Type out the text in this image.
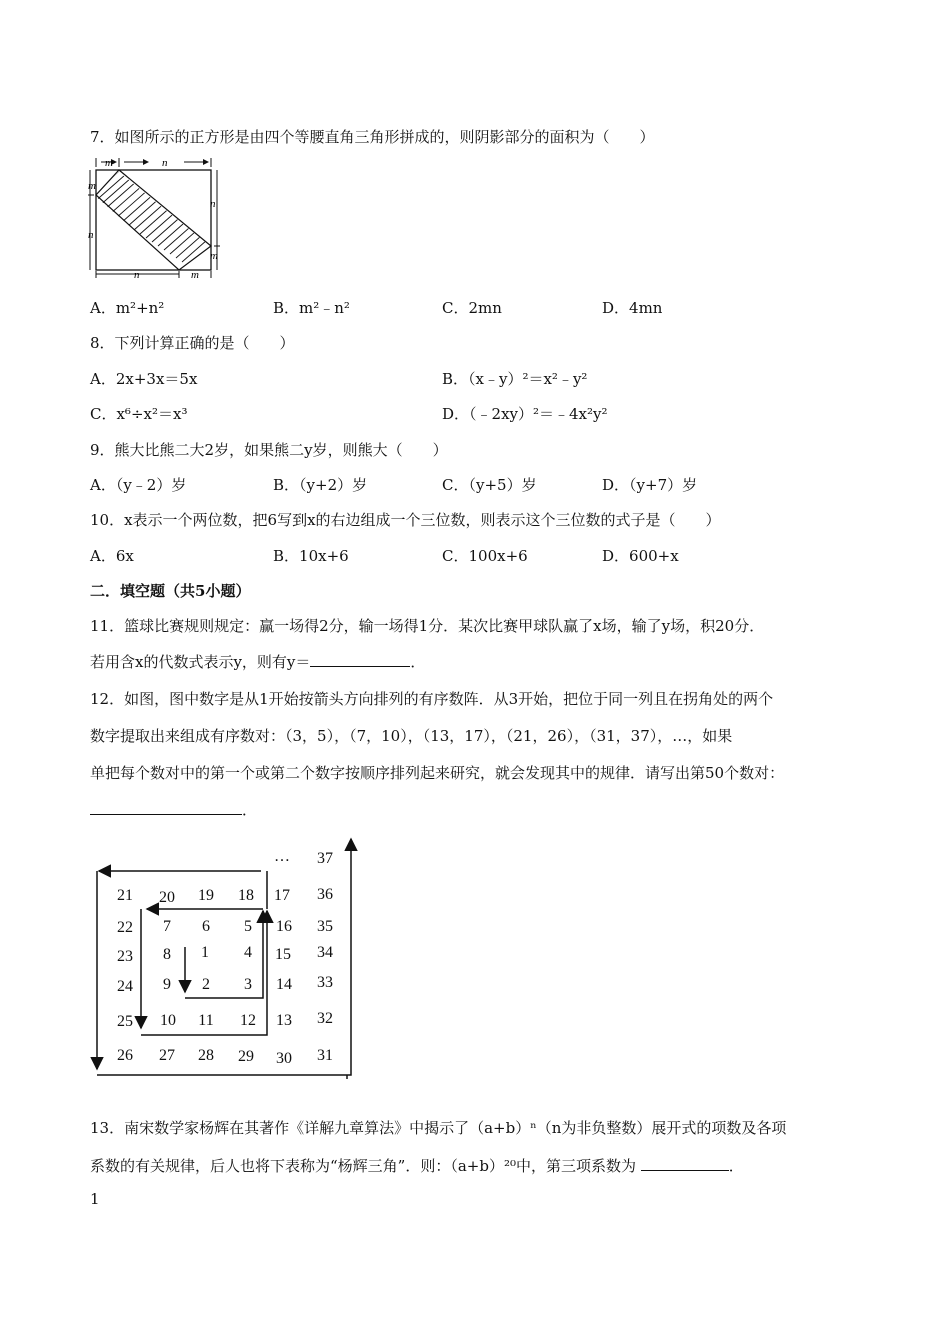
7．如图所示的正方形是由四个等腰直角三角形拼成的，则阴影部分的面积为（　　）
m	n
m
n
n
m
n	m
A．m²+n²	B．m²﹣n²	C．2mn	D．4mn
8．下列计算正确的是（　　）
A．2x+3x＝5x	B．（x﹣y）²＝x²﹣y²
C．x⁶÷x²＝x³	D．（﹣2xy）²＝﹣4x²y²
9．熊大比熊二大2岁，如果熊二y岁，则熊大（　　）
A．（y﹣2）岁	B．（y+2）岁	C．（y+5）岁	D．（y+7）岁
10．x表示一个两位数，把6写到x的右边组成一个三位数，则表示这个三位数的式子是（　　）
A．6x	B．10x+6	C．100x+6	D．600+x
二．填空题（共5小题）
11．篮球比赛规则规定：赢一场得2分，输一场得1分．某次比赛甲球队赢了x场，输了y场，积20分．
若用含x的代数式表示y，则有y＝	．
12．如图，图中数字是从1开始按箭头方向排列的有序数阵．从3开始，把位于同一列且在拐角处的两个
数字提取出来组成有序数对：（3，5），（7，10），（13，17），（21，26），（31，37），…，如果
单把每个数对中的第一个或第二个数字按顺序排列起来研究，就会发现其中的规律．请写出第50个数对：
．
1
2 3
4
5
6
7
8
9
10 11 12 13
14
15
16
17
18
19
20
21
22
23
24
25
26 27 28 29 30 31
32
33
34
35
36
37
…
13．南宋数学家杨辉在其著作《详解九章算法》中揭示了（a+b）ⁿ（n为非负整数）展开式的项数及各项
系数的有关规律，后人也将下表称为“杨辉三角”．则：（a+b）²⁰中，第三项系数为	．
1
